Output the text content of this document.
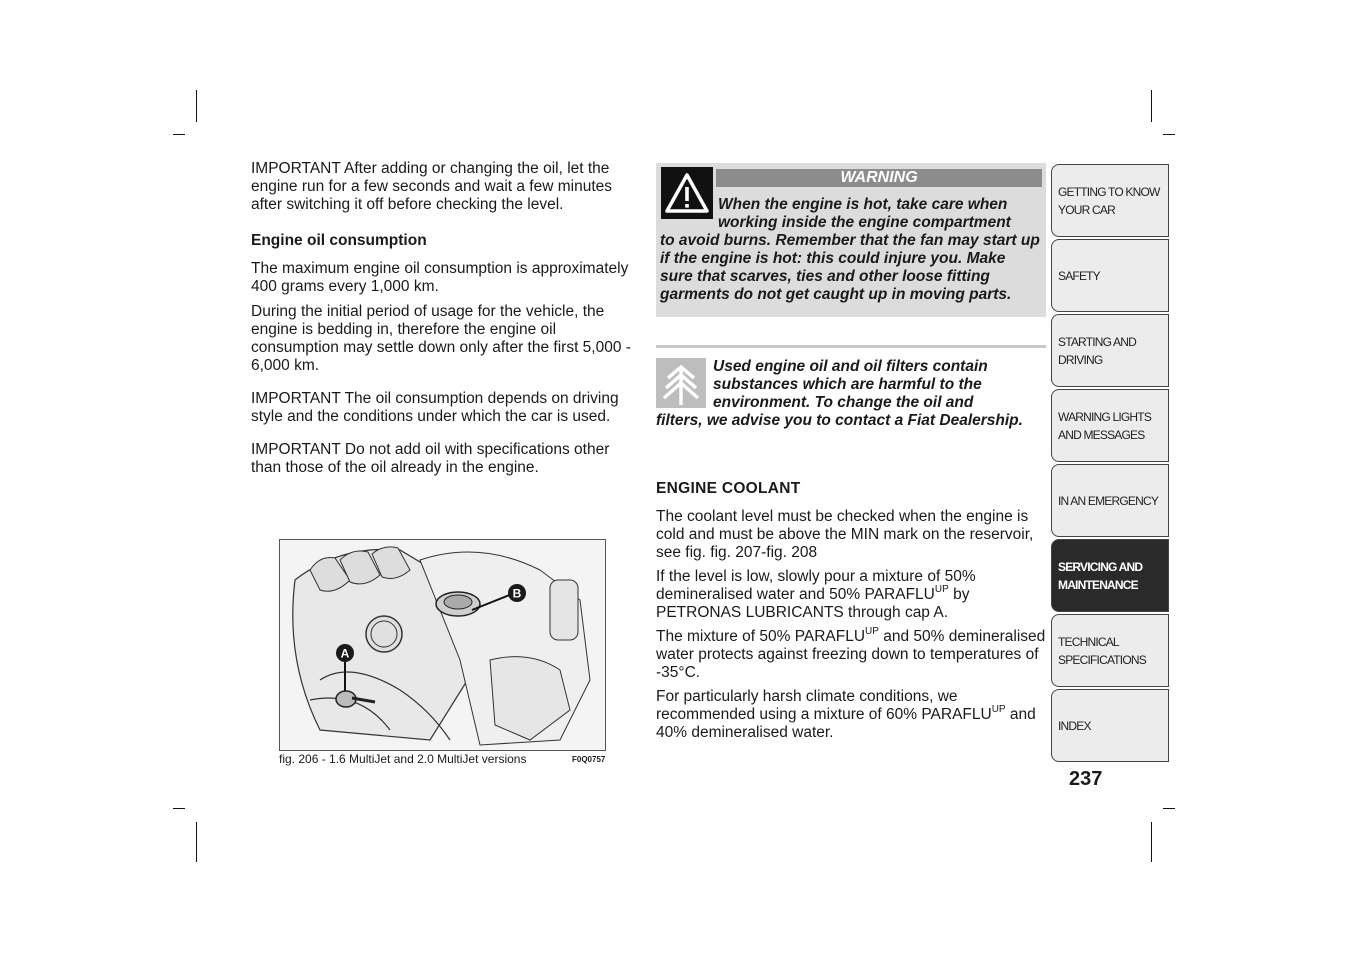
IMPORTANT After adding or changing the oil, let the engine run for a few seconds and wait a few minutes after switching it off before checking the level.

Engine oil consumption

The maximum engine oil consumption is approximately 400 grams every 1,000 km.

During the initial period of usage for the vehicle, the engine is bedding in, therefore the engine oil consumption may settle down only after the first 5,000 - 6,000 km.

IMPORTANT The oil consumption depends on driving style and the conditions under which the car is used.

IMPORTANT Do not add oil with specifications other than those of the oil already in the engine.

B
A
fig. 206 - 1.6 MultiJet and 2.0 MultiJet versions	F0Q0757
WARNING
When the engine is hot, take care when working inside the engine compartment
to avoid burns. Remember that the fan may start up if the engine is hot: this could injure you. Make sure that scarves, ties and other loose fitting garments do not get caught up in moving parts.
Used engine oil and oil filters contain substances which are harmful to the environment. To change the oil and
filters, we advise you to contact a Fiat Dealership.

ENGINE COOLANT

The coolant level must be checked when the engine is cold and must be above the MIN mark on the reservoir, see fig. fig. 207-fig. 208

If the level is low, slowly pour a mixture of 50% demineralised water and 50% $PARAFLU^{UP}$ by PETRONAS LUBRICANTS through cap A.

The mixture of 50% $PARAFLU^{UP}$ and 50% demineralised water protects against freezing down to temperatures of -35°C.

For particularly harsh climate conditions, we recommended using a mixture of 60% $PARAFLU^{UP}$ and 40% demineralised water.

GETTING TO KNOW
YOUR CAR
SAFETY
STARTING AND
DRIVING
WARNING LIGHTS
AND MESSAGES
IN AN EMERGENCY
SERVICING AND
MAINTENANCE
TECHNICAL
SPECIFICATIONS
INDEX
237
